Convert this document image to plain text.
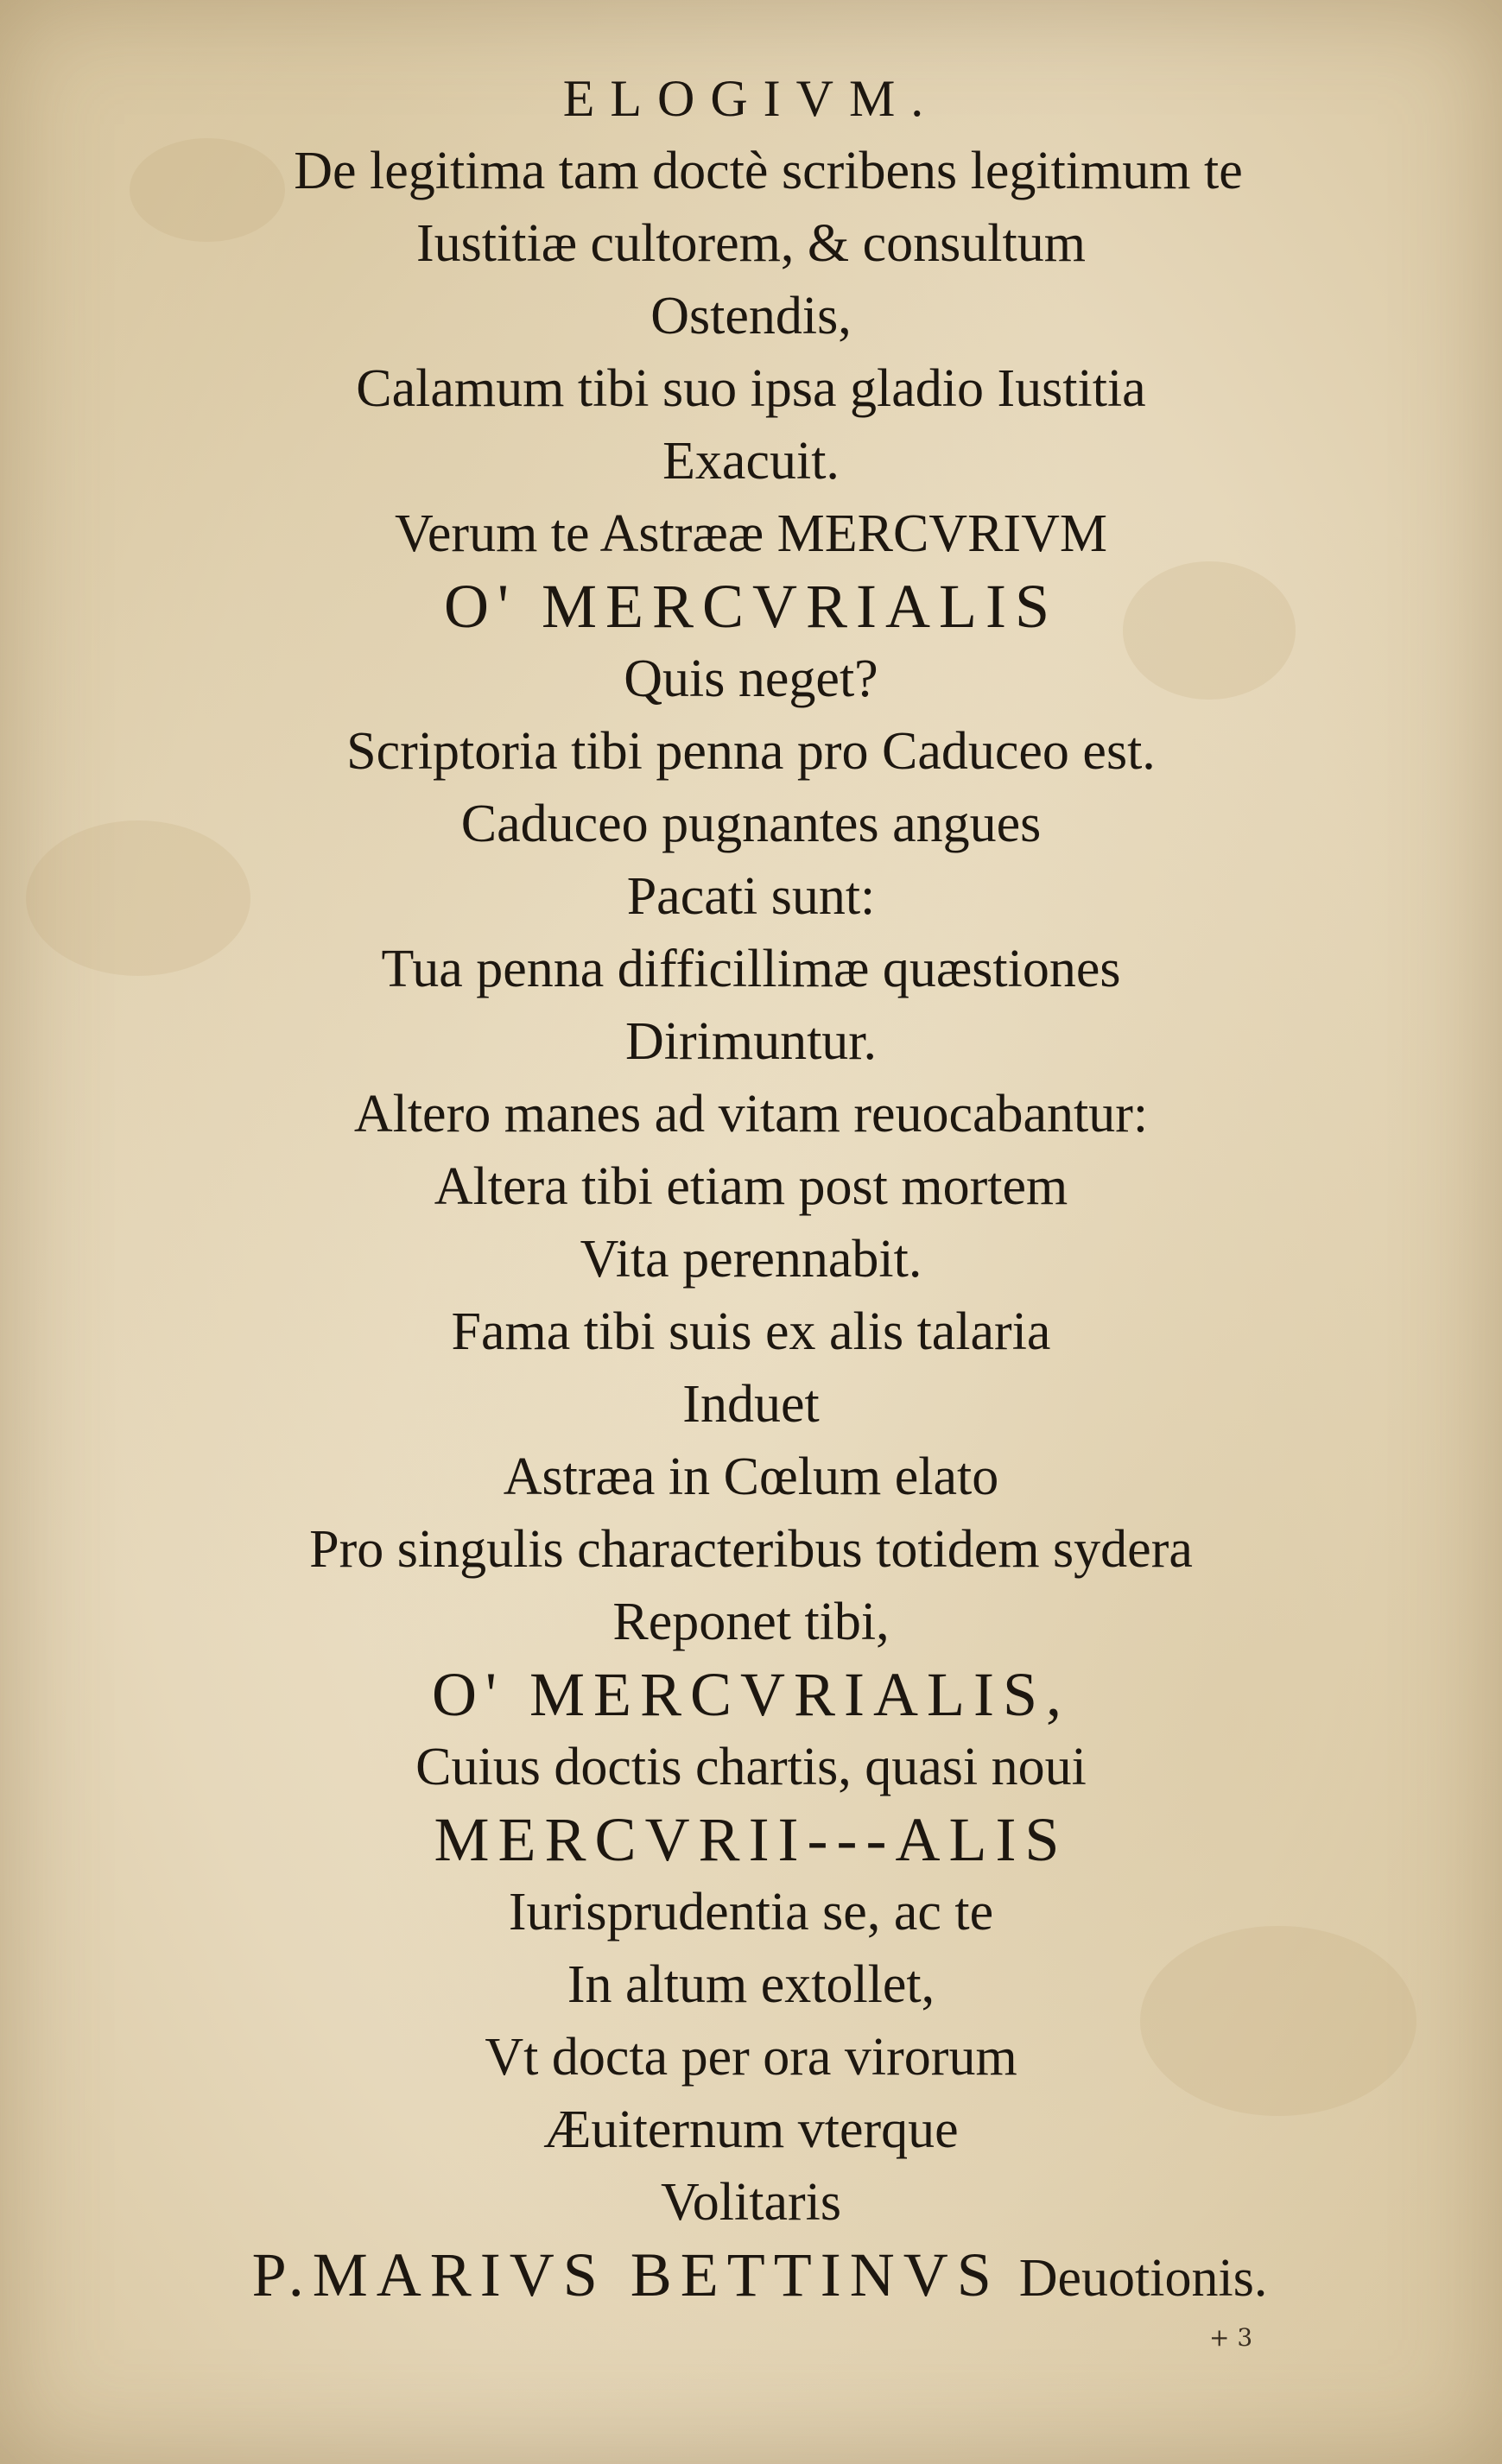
ELOGIVM.
De legitima tam doctè scribens legitimum te
Iustitiæ cultorem, & consultum
Ostendis,
Calamum tibi suo ipsa gladio Iustitia
Exacuit.
Verum te Astrææ MERCVRIVM
O' MERCVRIALIS
Quis neget?
Scriptoria tibi penna pro Caduceo est.
Caduceo pugnantes angues
Pacati sunt:
Tua penna difficillimæ quæstiones
Dirimuntur.
Altero manes ad vitam reuocabantur:
Altera tibi etiam post mortem
Vita perennabit.
Fama tibi suis ex alis talaria
Induet
Astræa in Cœlum elato
Pro singulis characteribus totidem sydera
Reponet tibi,
O' MERCVRIALIS,
Cuius doctis chartis, quasi noui
MERCVRII---ALIS
Iurisprudentia se, ac te
In altum extollet,
Vt docta per ora virorum
Æuiternum vterque
Volitaris
P.MARIVS BETTINVS Deuotionis.
+ 3
